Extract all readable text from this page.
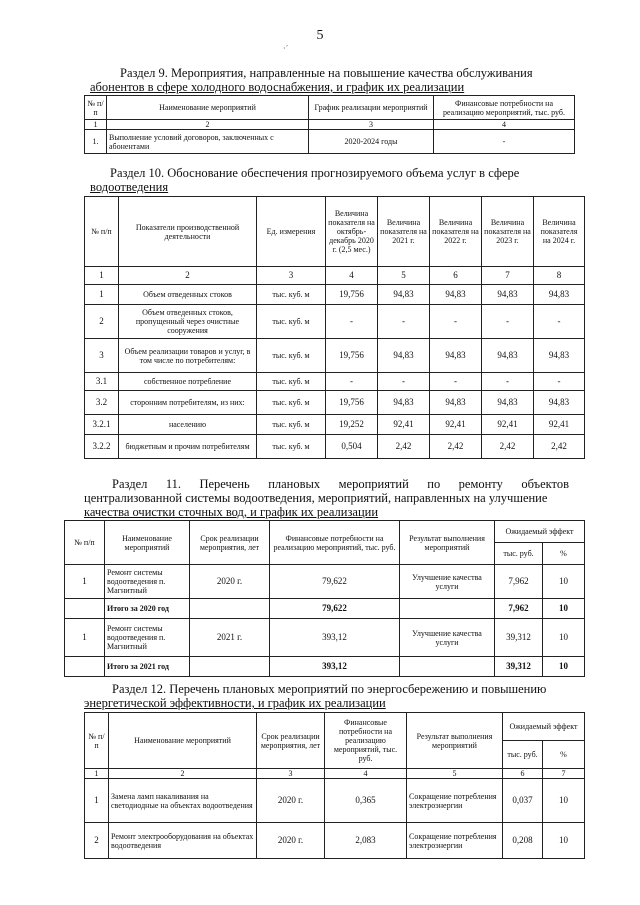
5
·ˊ
Раздел 9. Мероприятия, направленные на повышение качества обслуживания
абонентов в сфере холодного водоснабжения, и график их реализации
№ п/п	Наименование мероприятий	График реализации мероприятий	Финансовые потребности на реализацию мероприятий, тыс. руб.
1	2	3	4
1.	Выполнение условий договоров, заключенных с абонентами	2020-2024 годы	-
Раздел 10. Обоснование обеспечения прогнозируемого объема услуг в сфере
водоотведения
№ п/п	Показатели производственной деятельности	Ед. измерения	Величина показателя на октябрь-декабрь 2020 г. (2,5 мес.)	Величина показателя на 2021 г.	Величина показателя на 2022 г.	Величина показателя на 2023 г.	Величина показателя на 2024 г.
1	2	3	4	5	6	7	8
1	Объем отведенных стоков	тыс. куб. м	19,756	94,83	94,83	94,83	94,83
2	Объем отведенных стоков, пропущенный через очистные сооружения	тыс. куб. м	-	-	-	-	-
3	Объем реализации товаров и услуг, в том числе по потребителям:	тыс. куб. м	19,756	94,83	94,83	94,83	94,83
3.1	собственное потребление	тыс. куб. м	-	-	-	-	-
3.2	сторонним потребителям, из них:	тыс. куб. м	19,756	94,83	94,83	94,83	94,83
3.2.1	населению	тыс. куб. м	19,252	92,41	92,41	92,41	92,41
3.2.2	бюджетным и прочим потребителям	тыс. куб. м	0,504	2,42	2,42	2,42	2,42
Раздел 11. Перечень плановых мероприятий по ремонту объектов
централизованной системы водоотведения, мероприятий, направленных на улучшение
качества очистки сточных вод, и график их реализации
№ п/п	Наименование мероприятий	Срок реализации мероприятия, лет	Финансовые потребности на реализацию мероприятий, тыс. руб.	Результат выполнения мероприятий	Ожидаемый эффект	
					тыс. руб.	%
1	Ремонт системы водоотведения п. Магнитный	2020 г.	79,622	Улучшение качества услуги	7,962	10
	Итого за 2020 год		79,622		7,962	10
1	Ремонт системы водоотведения п. Магнитный	2021 г.	393,12	Улучшение качества услуги	39,312	10
	Итого за 2021 год		393,12		39,312	10
Раздел 12. Перечень плановых мероприятий по энергосбережению и повышению
энергетической эффективности, и график их реализации
№ п/п	Наименование мероприятий	Срок реализации мероприятия, лет	Финансовые потребности на реализацию мероприятий, тыс. руб.	Результат выполнения мероприятий	Ожидаемый эффект	
					тыс. руб.	%
1	2	3	4	5	6	7
1	Замена ламп накаливания на светодиодные на объектах водоотведения	2020 г.	0,365	Сокращение потребления электроэнергии	0,037	10
2	Ремонт электрооборудования на объектах водоотведения	2020 г.	2,083	Сокращение потребления электроэнергии	0,208	10
